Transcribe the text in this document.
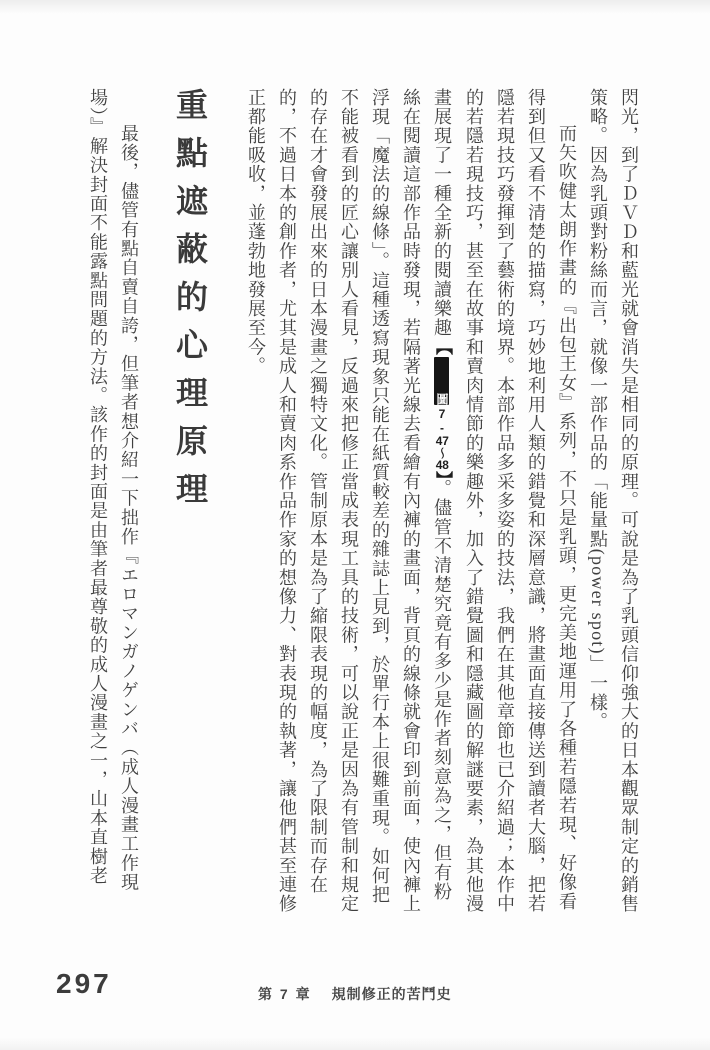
閃光，到了ＤＶＤ和藍光就會消失是相同的原理。可說是為了乳頭信仰強大的日本觀眾制定的銷售策略。因為乳頭對粉絲而言，就像一部作品的「能量點(power spot)」一樣。

而矢吹健太朗作畫的『出包王女』系列，不只是乳頭，更完美地運用了各種若隱若現、好像看得到但又看不清楚的描寫，巧妙地利用人類的錯覺和深層意識，將畫面直接傳送到讀者大腦，把若隱若現技巧發揮到了藝術的境界。本部作品多采多姿的技法，我們在其他章節也已介紹過；本作中的若隱若現技巧，甚至在故事和賣肉情節的樂趣外，加入了錯覺圖和隱藏圖的解謎要素，為其他漫畫展現了一種全新的閱讀樂趣【圖7-47～48】。儘管不清楚究竟有多少是作者刻意為之，但有粉絲在閱讀這部作品時發現，若隔著光線去看繪有內褲的畫面，背頁的線條就會印到前面，使內褲上浮現「魔法的線條」。這種透寫現象只能在紙質較差的雜誌上見到，於單行本上很難重現。如何把不能被看到的匠心讓別人看見，反過來把修正當成表現工具的技術，可以說正是因為有管制和規定的存在才會發展出來的日本漫畫之獨特文化。管制原本是為了縮限表現的幅度，為了限制而存在的，不過日本的創作者，尤其是成人和賣肉系作品作家的想像力、對表現的執著，讓他們甚至連修正都能吸收，並蓬勃地發展至今。

重點遮蔽的心理原理

最後，儘管有點自賣自誇，但筆者想介紹一下拙作『エロマンガノゲンバ（成人漫畫工作現場）』解決封面不能露點問題的方法。該作的封面是由筆者最尊敬的成人漫畫之一，山本直樹老

297	第 7 章 規制修正的苦鬥史
